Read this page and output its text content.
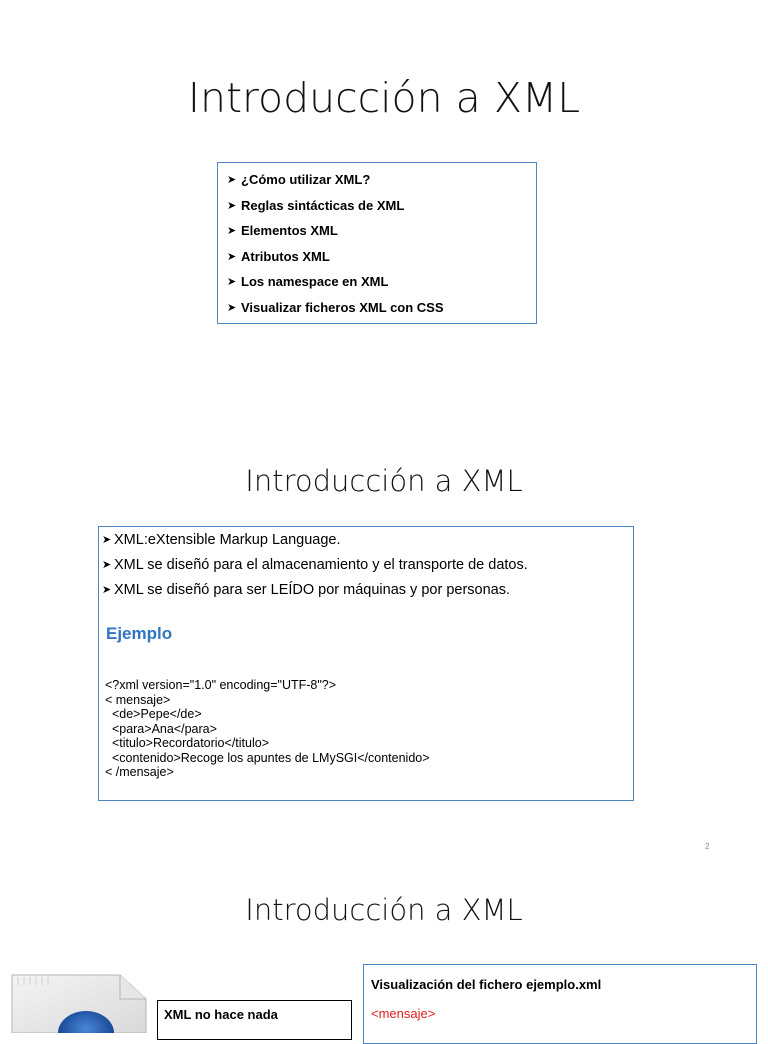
Introducción a XML
➤ ¿Cómo utilizar XML?
➤ Reglas sintácticas de XML
➤ Elementos XML
➤ Atributos XML
➤ Los namespace en XML
➤ Visualizar ficheros XML con CSS
Introducción a XML
➤ XML:eXtensible Markup Language.
➤ XML se diseñó para el almacenamiento y el transporte de datos.
➤ XML se diseñó para ser LEÍDO por máquinas y por personas.
Ejemplo
<?xml version="1.0" encoding="UTF-8"?>
< mensaje>
<de>Pepe</de>
<para>Ana</para>
<titulo>Recordatorio</titulo>
<contenido>Recoge los apuntes de LMySGI</contenido>
< /mensaje>
2
Introducción a XML
XML no hace nada
Visualización del fichero ejemplo.xml
<mensaje>
